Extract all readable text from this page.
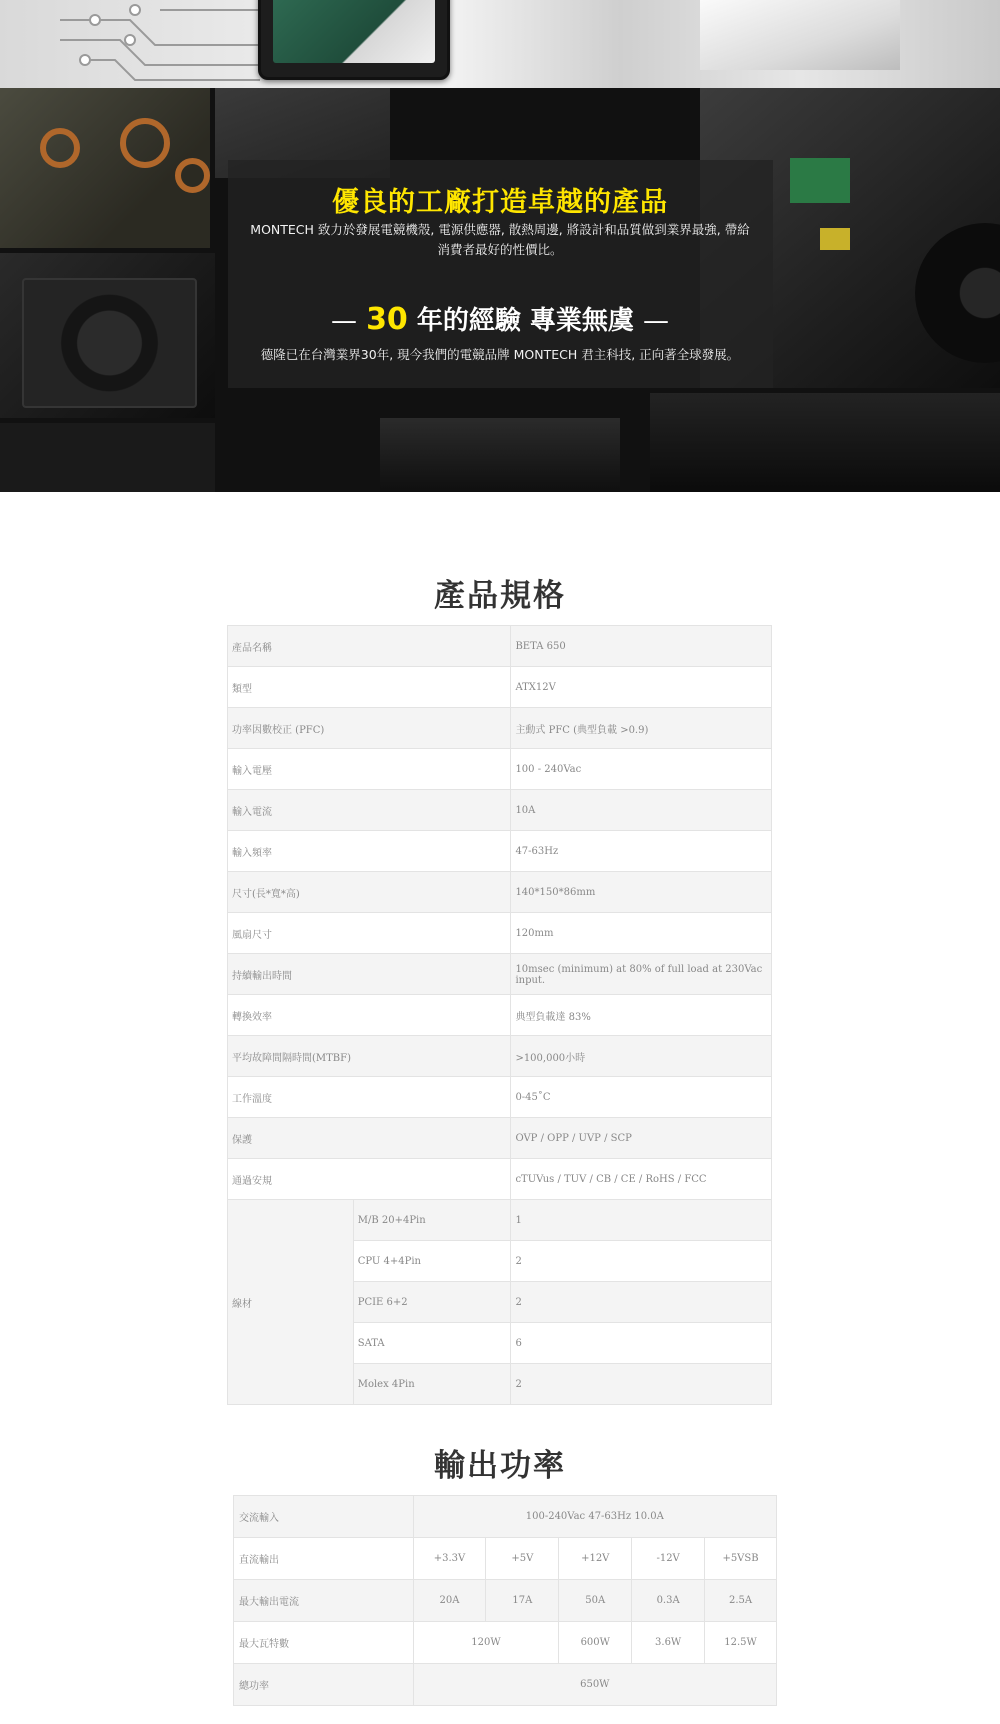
優良的工廠打造卓越的產品
MONTECH 致力於發展電競機殼, 電源供應器, 散熱周邊, 將設計和品質做到業界最強, 帶給消費者最好的性價比。
— 30 年的經驗 專業無虞 —
德隆已在台灣業界30年, 現今我們的電競品牌 MONTECH 君主科技, 正向著全球發展。
產品規格
產品名稱		BETA 650
類型		ATX12V
功率因數校正 (PFC)		主動式 PFC (典型負載 >0.9)
輸入電壓		100 - 240Vac
輸入電流		10A
輸入頻率		47-63Hz
尺寸(長*寬*高)		140*150*86mm
風扇尺寸		120mm
持續輸出時間		10msec (minimum) at 80% of full load at 230Vac input.
轉換效率		典型負載達 83%
平均故障間隔時間(MTBF)		>100,000小時
工作溫度		0-45˚C
保護		OVP / OPP / UVP / SCP
通過安規		cTUVus / TUV / CB / CE / RoHS / FCC
線材	M/B 20+4Pin	1
	CPU 4+4Pin	2
	PCIE 6+2	2
	SATA	6
	Molex 4Pin	2
輸出功率
交流輸入	100-240Vac 47-63Hz 10.0A				
直流輸出	+3.3V	+5V	+12V	-12V	+5VSB
最大輸出電流	20A	17A	50A	0.3A	2.5A
最大瓦特數	120W		600W	3.6W	12.5W
總功率	650W				
